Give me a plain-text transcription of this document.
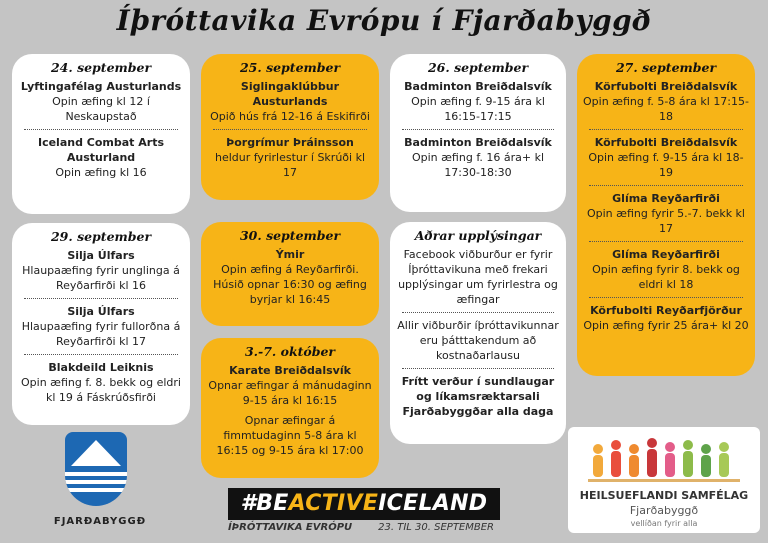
Íþróttavika Evrópu í Fjarðabyggð
24. september
Lyftingafélag Austurlands
Opin æfing kl 12 í Neskaupstað
Iceland Combat Arts Austurland
Opin æfing kl 16
25. september
Siglingaklúbbur Austurlands
Opið hús frá 12-16 á Eskifirði
Þorgrímur Þráinsson
heldur fyrirlestur í Skrúði kl 17
26. september
Badminton Breiðdalsvík
Opin æfing f. 9-15 ára kl 16:15-17:15
Badminton Breiðdalsvík
Opin æfing f. 16 ára+ kl 17:30-18:30
27. september
Körfubolti Breiðdalsvík
Opin æfing f. 5-8 ára kl 17:15-18
Körfubolti Breiðdalsvík
Opin æfing f. 9-15 ára kl 18-19
Glíma Reyðarfirði
Opin æfing fyrir 5.-7. bekk kl 17
Glíma Reyðarfirði
Opin æfing fyrir 8. bekk og eldri kl 18
Körfubolti Reyðarfjörður
Opin æfing fyrir 25 ára+ kl 20
29. september
Silja Úlfars
Hlaupaæfing fyrir unglinga á Reyðarfirði kl 16
Silja Úlfars
Hlaupaæfing fyrir fullorðna á Reyðarfirði kl 17
Blakdeild Leiknis
Opin æfing f. 8. bekk og eldri kl 19 á Fáskrúðsfirði
30. september
Ýmir
Opin æfing á Reyðarfirði. Húsið opnar 16:30 og æfing byrjar kl 16:45
3.-7. október
Karate Breiðdalsvík
Opnar æfingar á mánudaginn 9-15 ára kl 16:15
Opnar æfingar á fimmtudaginn 5-8 ára kl 16:15 og 9-15 ára kl 17:00
Aðrar upplýsingar
Facebook viðburður er fyrir Íþróttavikuna með frekari upplýsingar um fyrirlestra og æfingar
Allir viðburðir íþróttavikunnar eru þátttakendum að kostnaðarlausu
Frítt verður í sundlaugar og líkamsræktarsali Fjarðabyggðar alla daga
FJARÐABYGGÐ
#BEACTIVEICELAND
ÍÞRÓTTAVIKA EVRÓPU	23. TIL 30. SEPTEMBER
HEILSUEFLANDI SAMFÉLAG
Fjarðabyggð
vellíðan fyrir alla
